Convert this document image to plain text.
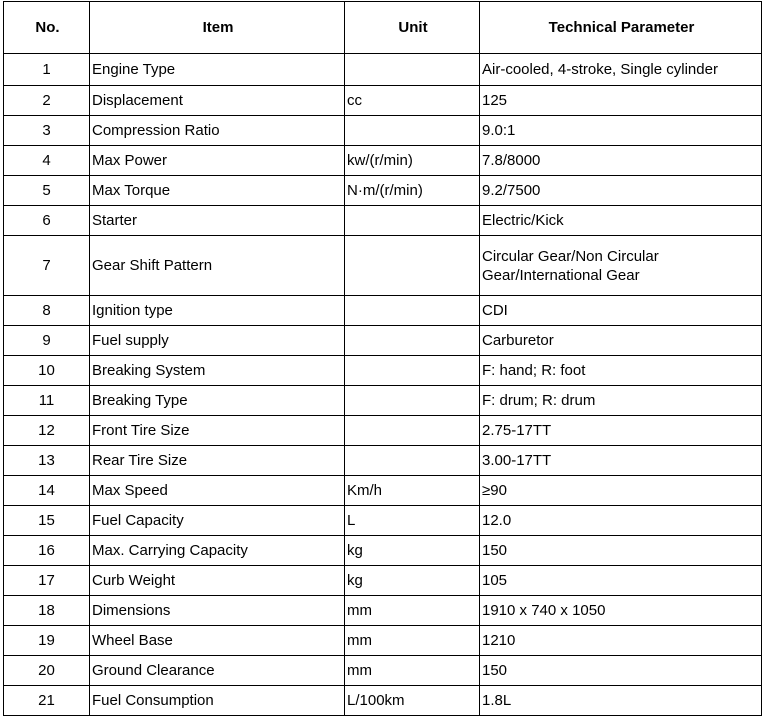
No.	Item	Unit	Technical Parameter
1	Engine Type		Air-cooled, 4-stroke, Single cylinder
2	Displacement	cc	125
3	Compression Ratio		9.0:1
4	Max Power	kw/(r/min)	7.8/8000
5	Max Torque	N·m/(r/min)	9.2/7500
6	Starter		Electric/Kick
7	Gear Shift Pattern		Circular Gear/Non Circular Gear/International Gear
8	Ignition type		CDI
9	Fuel supply		Carburetor
10	Breaking System		F: hand; R: foot
11	Breaking Type		F: drum; R: drum
12	Front Tire Size		2.75-17TT
13	Rear Tire Size		3.00-17TT
14	Max Speed	Km/h	≥90
15	Fuel Capacity	L	12.0
16	Max. Carrying Capacity	kg	150
17	Curb Weight	kg	105
18	Dimensions	mm	1910 x 740 x 1050
19	Wheel Base	mm	1210
20	Ground Clearance	mm	150
21	Fuel Consumption	L/100km	1.8L
